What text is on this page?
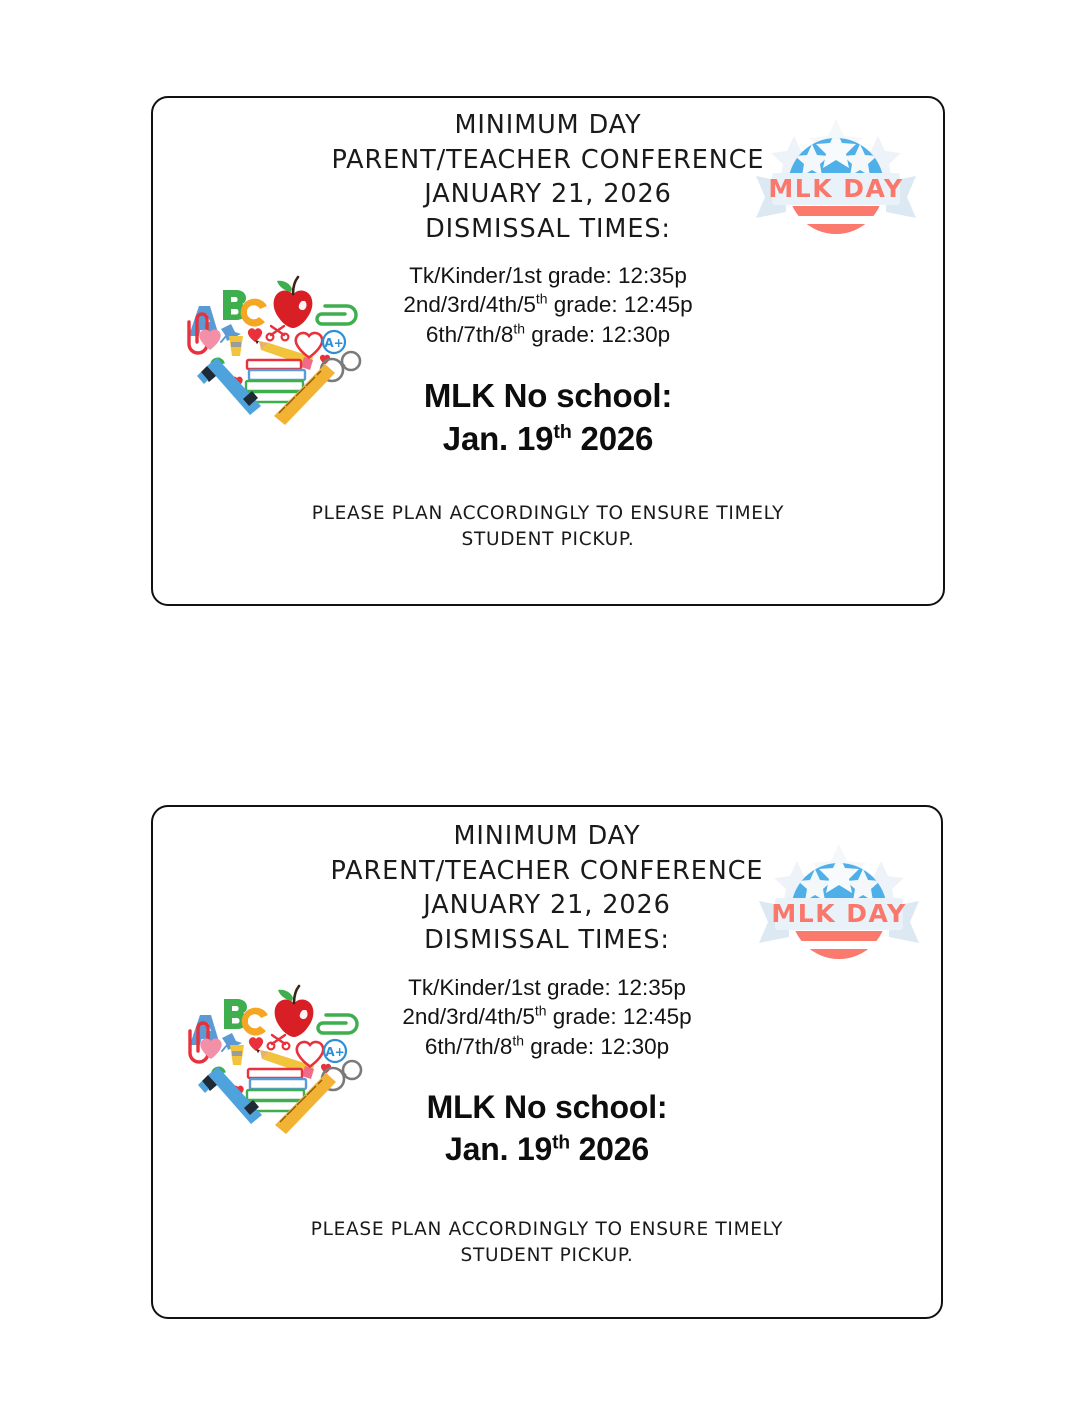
MINIMUM DAY
PARENT/TEACHER CONFERENCE
JANUARY 21, 2026
DISMISSAL TIMES:
Tk/Kinder/1st grade: 12:35p
2nd/3rd/4th/5th grade: 12:45p
6th/7th/8th grade: 12:30p
MLK No school:
Jan. 19th 2026
PLEASE PLAN ACCORDINGLY TO ENSURE TIMELY
STUDENT PICKUP.
MLK DAY
A+
MINIMUM DAY
PARENT/TEACHER CONFERENCE
JANUARY 21, 2026
DISMISSAL TIMES:
Tk/Kinder/1st grade: 12:35p
2nd/3rd/4th/5th grade: 12:45p
6th/7th/8th grade: 12:30p
MLK No school:
Jan. 19th 2026
PLEASE PLAN ACCORDINGLY TO ENSURE TIMELY
STUDENT PICKUP.
MLK DAY
A+
